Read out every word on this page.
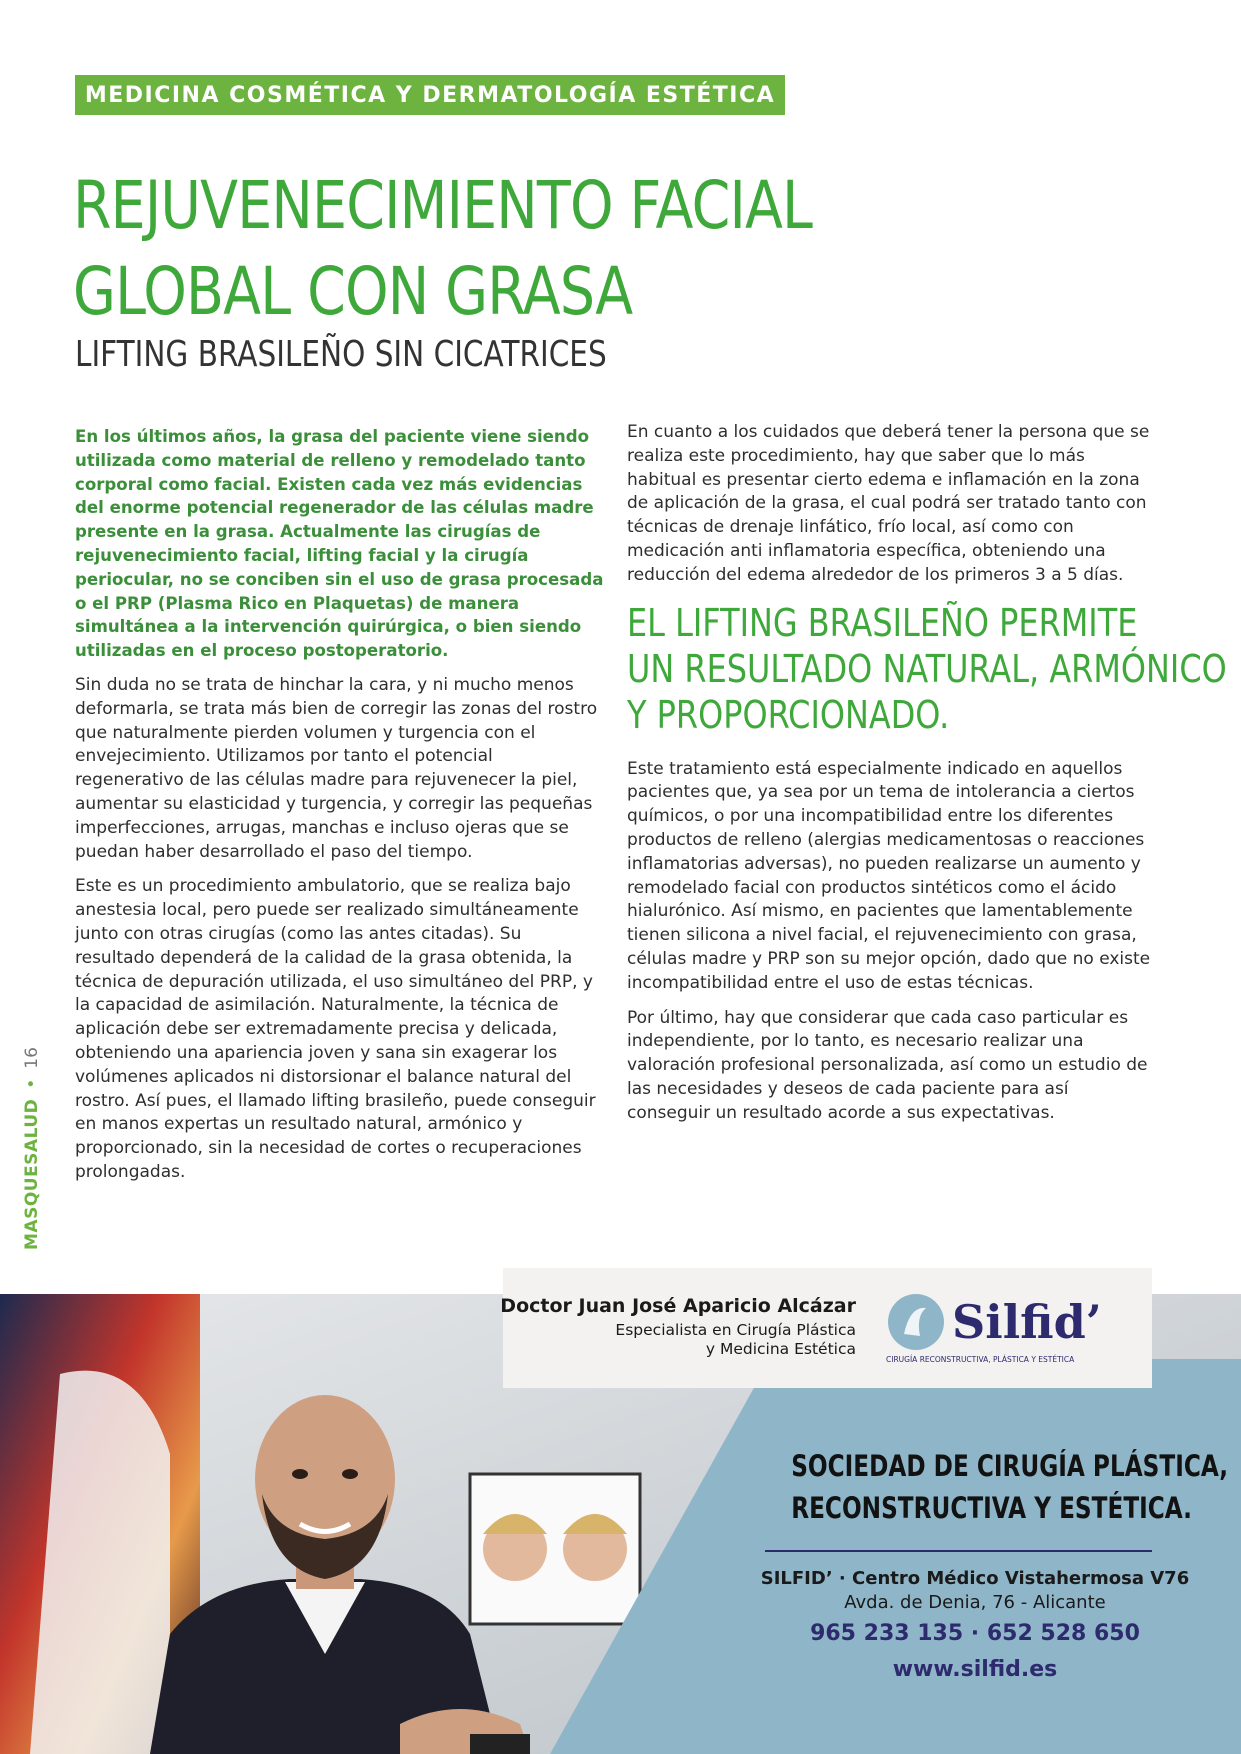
MEDICINA COSMÉTICA Y DERMATOLOGÍA ESTÉTICA
REJUVENECIMIENTO FACIAL
GLOBAL CON GRASA
LIFTING BRASILEÑO SIN CICATRICES

En los últimos años, la grasa del paciente viene siendo utilizada como material de relleno y remodelado tanto corporal como facial. Existen cada vez más evidencias del enorme potencial regenerador de las células madre presente en la grasa. Actualmente las cirugías de rejuvenecimiento facial, lifting facial y la cirugía periocular, no se conciben sin el uso de grasa procesada o el PRP (Plasma Rico en Plaquetas) de manera simultánea a la intervención quirúrgica, o bien siendo utilizadas en el proceso postoperatorio.

Sin duda no se trata de hinchar la cara, y ni mucho menos deformarla, se trata más bien de corregir las zonas del rostro que naturalmente pierden volumen y turgencia con el envejecimiento. Utilizamos por tanto el potencial regenerativo de las células madre para rejuvenecer la piel, aumentar su elasticidad y turgencia, y corregir las pequeñas imperfecciones, arrugas, manchas e incluso ojeras que se puedan haber desarrollado el paso del tiempo.

Este es un procedimiento ambulatorio, que se realiza bajo anestesia local, pero puede ser realizado simultáneamente junto con otras cirugías (como las antes citadas). Su resultado dependerá de la calidad de la grasa obtenida, la técnica de depuración utilizada, el uso simultáneo del PRP, y la capacidad de asimilación. Naturalmente, la técnica de aplicación debe ser extremadamente precisa y delicada, obteniendo una apariencia joven y sana sin exagerar los volúmenes aplicados ni distorsionar el balance natural del rostro. Así pues, el llamado lifting brasileño, puede conseguir en manos expertas un resultado natural, armónico y proporcionado, sin la necesidad de cortes o recuperaciones prolongadas.

En cuanto a los cuidados que deberá tener la persona que se realiza este procedimiento, hay que saber que lo más habitual es presentar cierto edema e inflamación en la zona de aplicación de la grasa, el cual podrá ser tratado tanto con técnicas de drenaje linfático, frío local, así como con medicación anti inflamatoria específica, obteniendo una reducción del edema alrededor de los primeros 3 a 5 días.

EL LIFTING BRASILEÑO PERMITE
UN RESULTADO NATURAL, ARMÓNICO
Y PROPORCIONADO.

Este tratamiento está especialmente indicado en aquellos pacientes que, ya sea por un tema de intolerancia a ciertos químicos, o por una incompatibilidad entre los diferentes productos de relleno (alergias medicamentosas o reacciones inflamatorias adversas), no pueden realizarse un aumento y remodelado facial con productos sintéticos como el ácido hialurónico. Así mismo, en pacientes que lamentablemente tienen silicona a nivel facial, el rejuvenecimiento con grasa, células madre y PRP son su mejor opción, dado que no existe incompatibilidad entre el uso de estas técnicas.

Por último, hay que considerar que cada caso particular es independiente, por lo tanto, es necesario realizar una valoración profesional personalizada, así como un estudio de las necesidades y deseos de cada paciente para así conseguir un resultado acorde a sus expectativas.

MASQUESALUD•16
Doctor Juan José Aparicio Alcázar
Especialista en Cirugía Plástica
y Medicina Estética Silfid’
CIRUGÍA RECONSTRUCTIVA, PLÁSTICA Y ESTÉTICA
SOCIEDAD DE CIRUGÍA PLÁSTICA,
RECONSTRUCTIVA Y ESTÉTICA.
SILFID’ · Centro Médico Vistahermosa V76
Avda. de Denia, 76 - Alicante
965 233 135 · 652 528 650
www.silfid.es
